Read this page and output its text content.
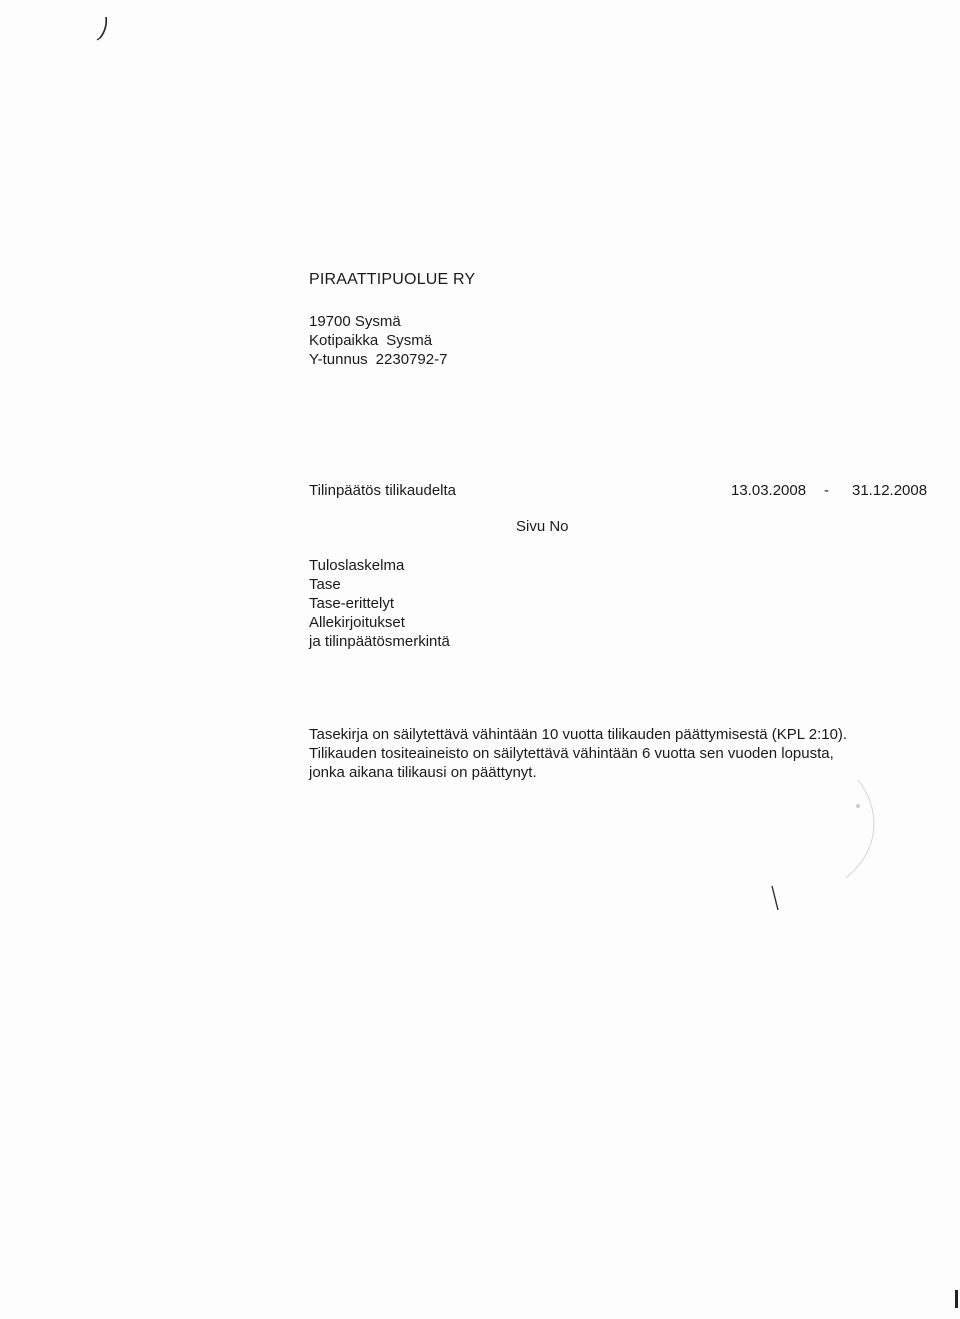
PIRAATTIPUOLUE RY
19700 Sysmä
Kotipaikka Sysmä
Y-tunnus 2230792-7
Tilinpäätös tilikaudelta	13.03.2008 - 31.12.2008
Sivu No
Tuloslaskelma
Tase
Tase-erittelyt
Allekirjoitukset
ja tilinpäätösmerkintä
Tasekirja on säilytettävä vähintään 10 vuotta tilikauden päättymisestä (KPL 2:10).
Tilikauden tositeaineisto on säilytettävä vähintään 6 vuotta sen vuoden lopusta,
jonka aikana tilikausi on päättynyt.
